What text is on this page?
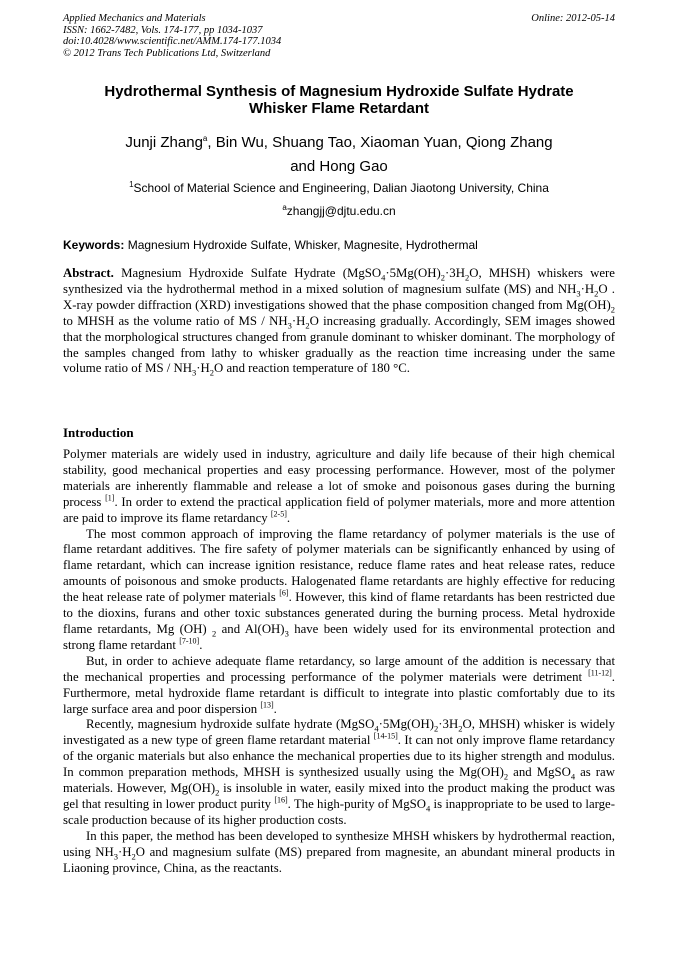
Applied Mechanics and Materials
ISSN: 1662-7482, Vols. 174-177, pp 1034-1037
doi:10.4028/www.scientific.net/AMM.174-177.1034
© 2012 Trans Tech Publications Ltd, Switzerland
Online: 2012-05-14
Hydrothermal Synthesis of Magnesium Hydroxide Sulfate Hydrate
Whisker Flame Retardant
Junji Zhang$^a$, Bin Wu, Shuang Tao, Xiaoman Yuan, Qiong Zhang
and Hong Gao
$^1$School of Material Science and Engineering, Dalian Jiaotong University, China
$^a$zhangjj@djtu.edu.cn
Keywords: Magnesium Hydroxide Sulfate, Whisker, Magnesite, Hydrothermal
Abstract. Magnesium Hydroxide Sulfate Hydrate ($MgSO_4\cdot 5Mg(OH)_2\cdot 3H_2O$, MHSH) whiskers were synthesized via the hydrothermal method in a mixed solution of magnesium sulfate (MS) and $NH_3\cdot H_2O$ . X-ray powder diffraction (XRD) investigations showed that the phase composition changed from $Mg(OH)_2$ to MHSH as the volume ratio of MS / $NH_3\cdot H_2O$ increasing gradually. Accordingly, SEM images showed that the morphological structures changed from granule dominant to whisker dominant. The morphology of the samples changed from lathy to whisker gradually as the reaction time increasing under the same volume ratio of MS / $NH_3\cdot H_2O$ and reaction temperature of 180 °C.
Introduction

Polymer materials are widely used in industry, agriculture and daily life because of their high chemical stability, good mechanical properties and easy processing performance. However, most of the polymer materials are inherently flammable and release a lot of smoke and poisonous gases during the burning process [1]. In order to extend the practical application field of polymer materials, more and more attention are paid to improve its flame retardancy [2-5].

The most common approach of improving the flame retardancy of polymer materials is the use of flame retardant additives. The fire safety of polymer materials can be significantly enhanced by using of flame retardant, which can increase ignition resistance, reduce flame rates and heat release rates, reduce amounts of poisonous and smoke products. Halogenated flame retardants are highly effective for reducing the heat release rate of polymer materials [6]. However, this kind of flame retardants has been restricted due to the dioxins, furans and other toxic substances generated during the burning process. Metal hydroxide flame retardants, Mg (OH) $_2$ and $Al(OH)_3$ have been widely used for its environmental protection and strong flame retardant [7-10].

But, in order to achieve adequate flame retardancy, so large amount of the addition is necessary that the mechanical properties and processing performance of the polymer materials were detriment [11-12]. Furthermore, metal hydroxide flame retardant is difficult to integrate into plastic comfortably due to its large surface area and poor dispersion [13].

Recently, magnesium hydroxide sulfate hydrate ($MgSO_4\cdot 5Mg(OH)_2\cdot 3H_2O$, MHSH) whisker is widely investigated as a new type of green flame retardant material [14-15]. It can not only improve flame retardancy of the organic materials but also enhance the mechanical properties due to its higher strength and modulus. In common preparation methods, MHSH is synthesized usually using the $Mg(OH)_2$ and MgSO$_4$ as raw materials. However, $Mg(OH)_2$ is insoluble in water, easily mixed into the product making the product was gel that resulting in lower product purity [16]. The high-purity of MgSO$_4$ is inappropriate to be used to large-scale production because of its higher production costs.

In this paper, the method has been developed to synthesize MHSH whiskers by hydrothermal reaction, using $NH_3\cdot H_2O$ and magnesium sulfate (MS) prepared from magnesite, an abundant mineral products in Liaoning province, China, as the reactants.
